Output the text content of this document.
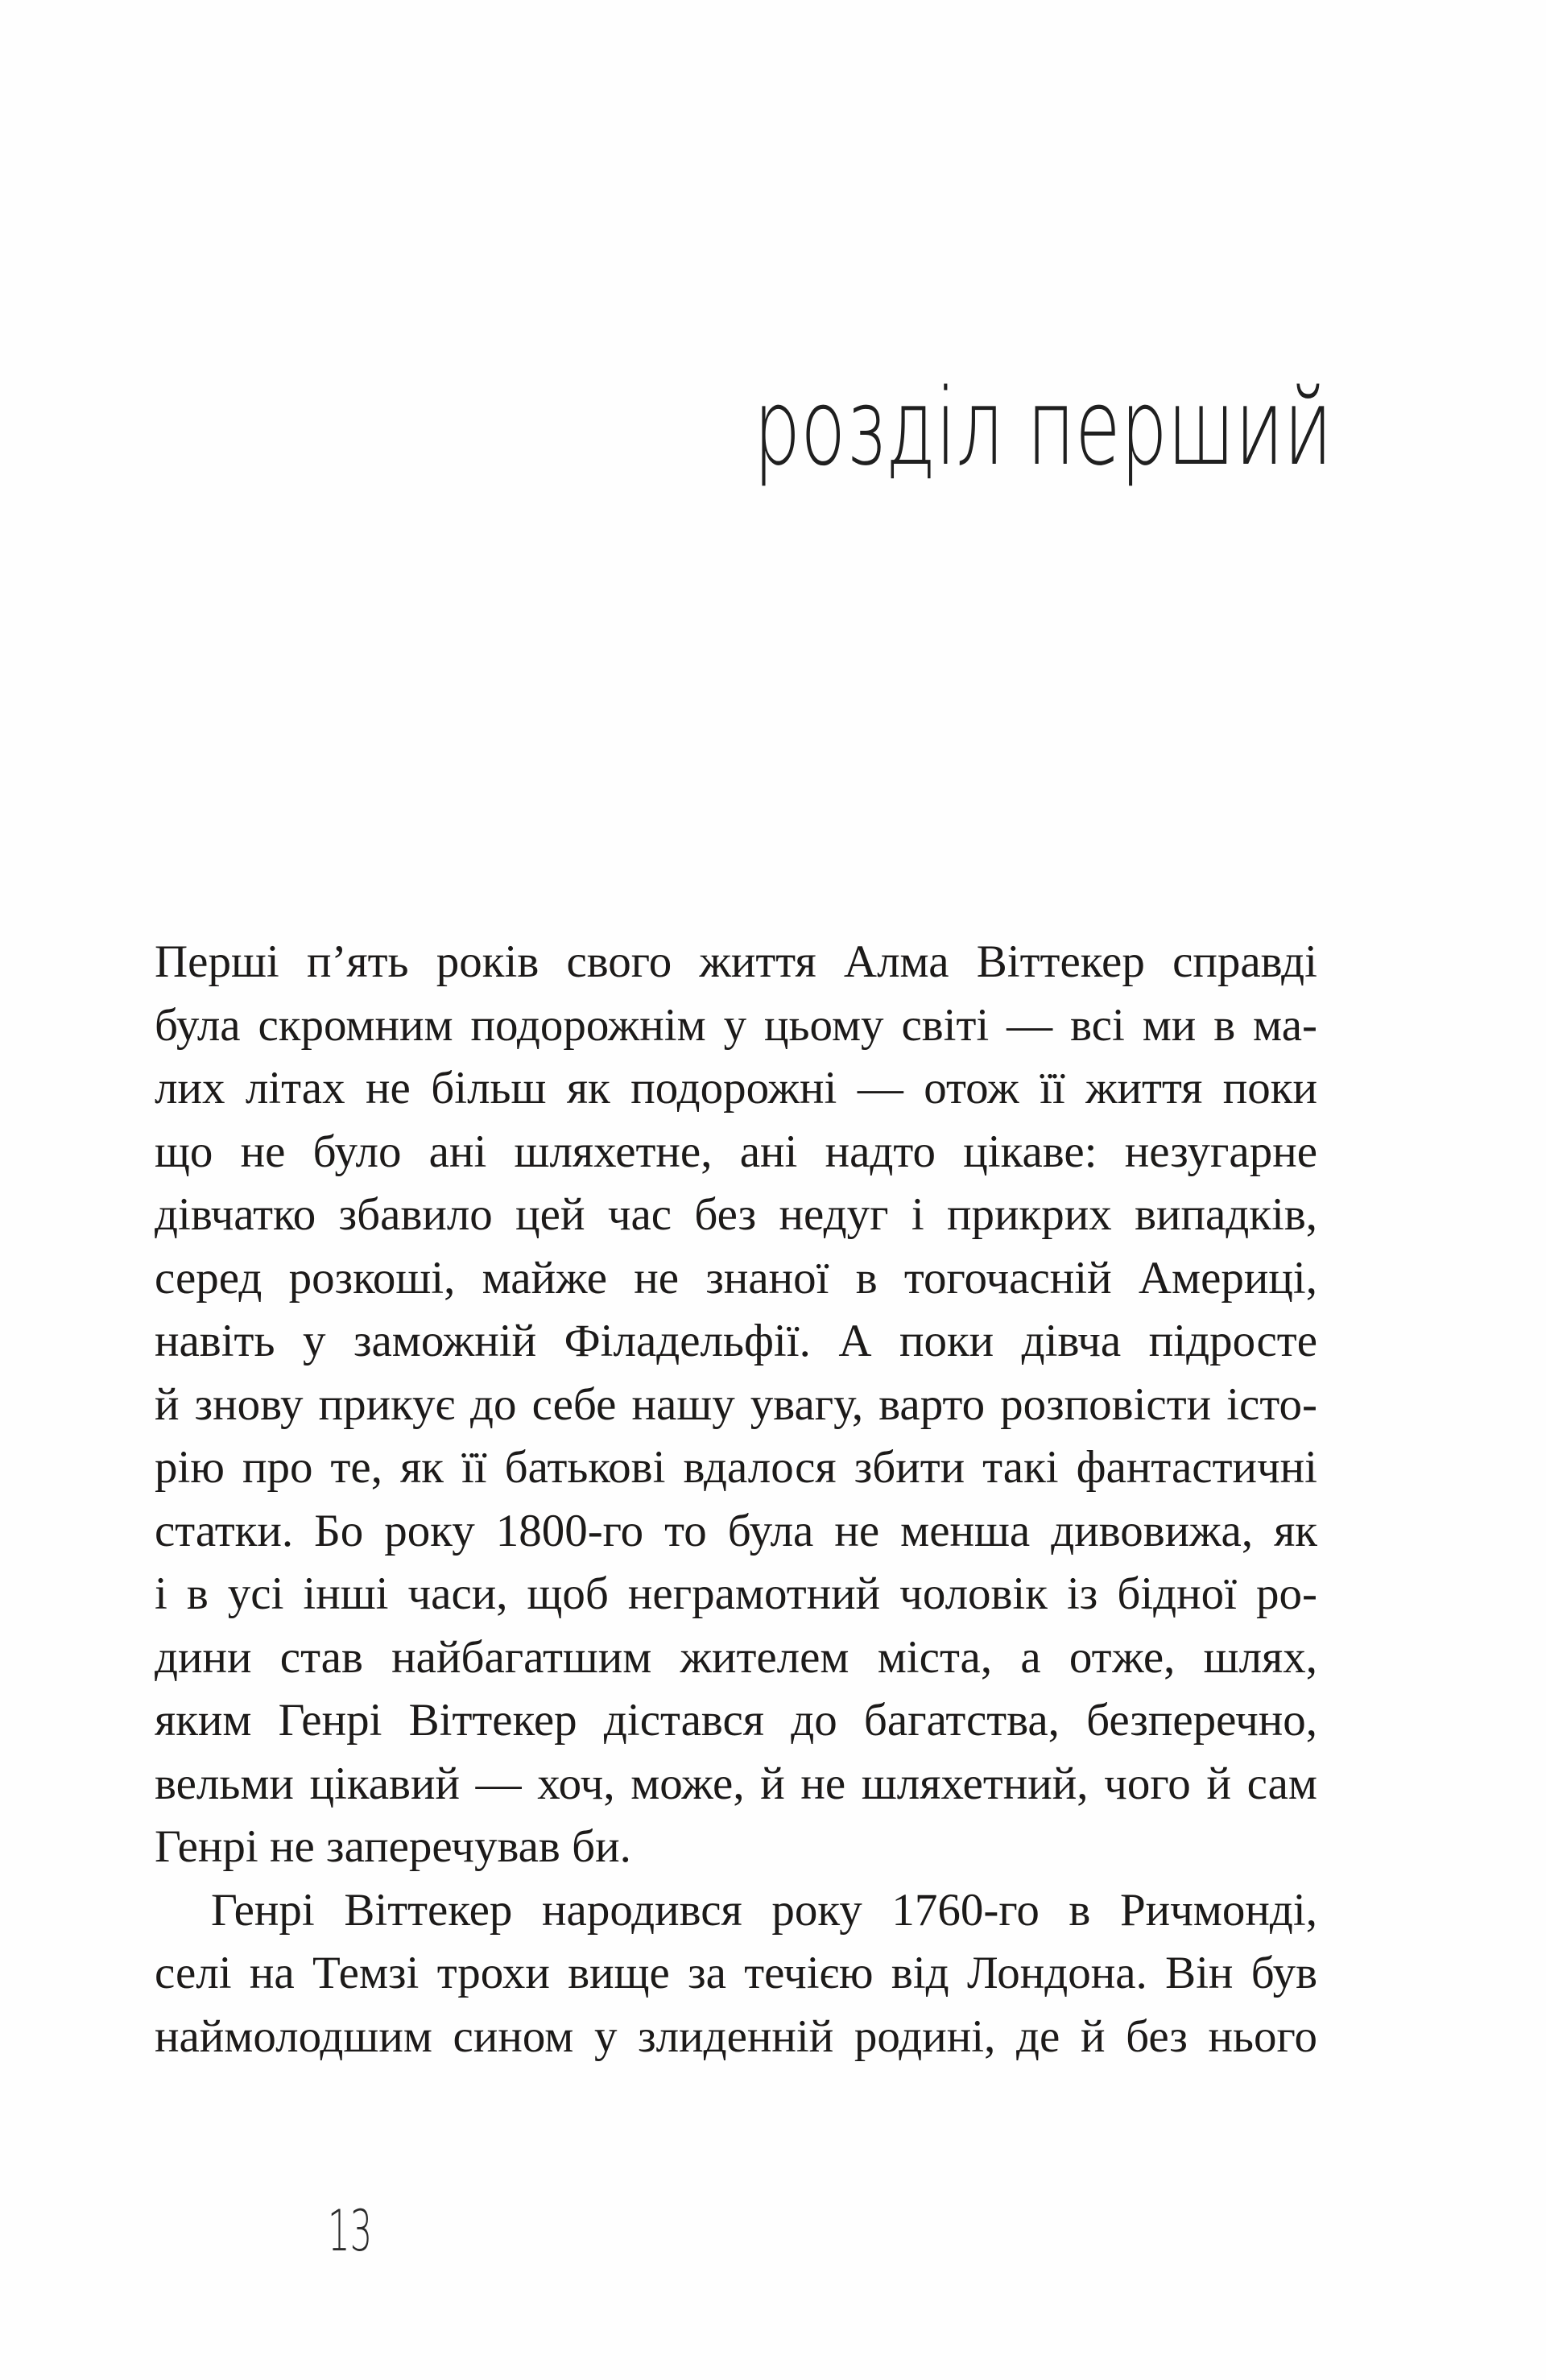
розділ перший
Перші п’ять років свого життя Алма Віттекер справді
була скромним подорожнім у цьому світі — всі ми в ма-
лих літах не більш як подорожні — отож її життя поки
що не було ані шляхетне, ані надто цікаве: незугарне
дівчатко збавило цей час без недуг і прикрих випадків,
серед розкоші, майже не знаної в тогочасній Америці,
навіть у заможній Філадельфії. А поки дівча підросте
й знову прикує до себе нашу увагу, варто розповісти істо-
рію про те, як її батькові вдалося збити такі фантастичні
статки. Бо року 1800-го то була не менша дивовижа, як
і в усі інші часи, щоб неграмотний чоловік із бідної ро-
дини став найбагатшим жителем міста, а отже, шлях,
яким Генрі Віттекер дістався до багатства, безперечно,
вельми цікавий — хоч, може, й не шляхетний, чого й сам
Генрі не заперечував би.
Генрі Віттекер народився року 1760-го в Ричмонді,
селі на Темзі трохи вище за течією від Лондона. Він був
наймолодшим сином у злиденній родині, де й без нього
13
